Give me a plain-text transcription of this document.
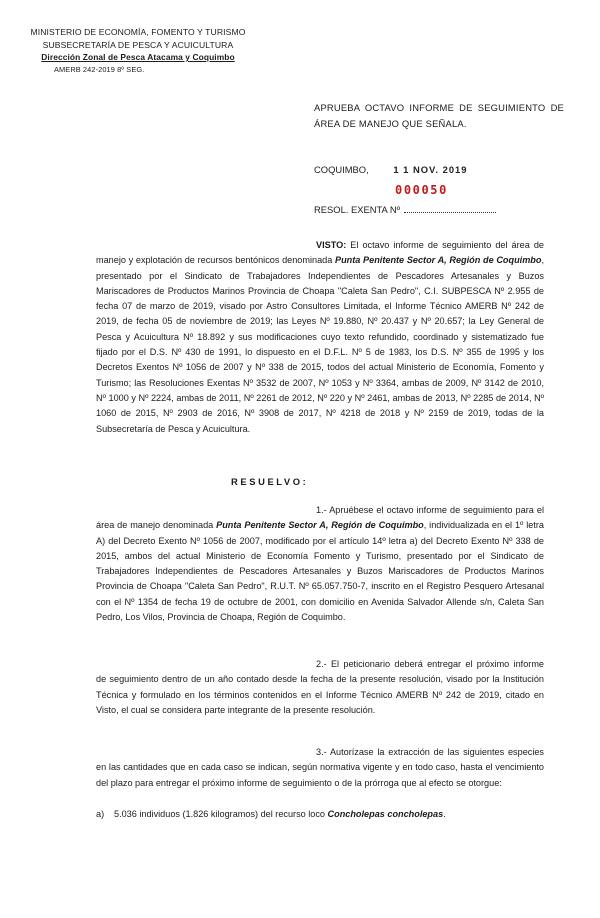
MINISTERIO DE ECONOMÍA, FOMENTO Y TURISMO
SUBSECRETARÍA DE PESCA Y ACUICULTURA
Dirección Zonal de Pesca Atacama y Coquimbo
AMERB 242-2019 8º SEG.
APRUEBA OCTAVO INFORME DE SEGUIMIENTO DE ÁREA DE MANEJO QUE SEÑALA.
COQUIMBO,	1 1 NOV. 2019
000050
RESOL. EXENTA Nº
VISTO: El octavo informe de seguimiento del área de manejo y explotación de recursos bentónicos denominada Punta Penitente Sector A, Región de Coquimbo, presentado por el Sindicato de Trabajadores Independientes de Pescadores Artesanales y Buzos Mariscadores de Productos Marinos Provincia de Choapa "Caleta San Pedro", C.I. SUBPESCA Nº 2.955 de fecha 07 de marzo de 2019, visado por Astro Consultores Limitada, el Informe Técnico AMERB Nº 242 de 2019, de fecha 05 de noviembre de 2019; las Leyes Nº 19.880, Nº 20.437 y Nº 20.657; la Ley General de Pesca y Acuicultura Nº 18.892 y sus modificaciones cuyo texto refundido, coordinado y sistematizado fue fijado por el D.S. Nº 430 de 1991, lo dispuesto en el D.F.L. Nº 5 de 1983, los D.S. Nº 355 de 1995 y los Decretos Exentos Nº 1056 de 2007 y Nº 338 de 2015, todos del actual Ministerio de Economía, Fomento y Turismo; las Resoluciones Exentas Nº 3532 de 2007, Nº 1053 y Nº 3364, ambas de 2009, Nº 3142 de 2010, Nº 1000 y Nº 2224, ambas de 2011, Nº 2261 de 2012, Nº 220 y Nº 2461, ambas de 2013, Nº 2285 de 2014, Nº 1060 de 2015, Nº 2903 de 2016, Nº 3908 de 2017, Nº 4218 de 2018 y Nº 2159 de 2019, todas de la Subsecretaría de Pesca y Acuicultura.
RESUELVO:
1.- Apruébese el octavo informe de seguimiento para el área de manejo denominada Punta Penitente Sector A, Región de Coquimbo, individualizada en el 1º letra A) del Decreto Exento Nº 1056 de 2007, modificado por el artículo 14º letra a) del Decreto Exento Nº 338 de 2015, ambos del actual Ministerio de Economía Fomento y Turismo, presentado por el Sindicato de Trabajadores Independientes de Pescadores Artesanales y Buzos Mariscadores de Productos Marinos Provincia de Choapa "Caleta San Pedro", R.U.T. Nº 65.057.750-7, inscrito en el Registro Pesquero Artesanal con el Nº 1354 de fecha 19 de octubre de 2001, con domicilio en Avenida Salvador Allende s/n, Caleta San Pedro, Los Vilos, Provincia de Choapa, Región de Coquimbo.
2.- El peticionario deberá entregar el próximo informe de seguimiento dentro de un año contado desde la fecha de la presente resolución, visado por la Institución Técnica y formulado en los términos contenidos en el Informe Técnico AMERB Nº 242 de 2019, citado en Visto, el cual se considera parte integrante de la presente resolución.
3.- Autorízase la extracción de las siguientes especies en las cantidades que en cada caso se indican, según normativa vigente y en todo caso, hasta el vencimiento del plazo para entregar el próximo informe de seguimiento o de la prórroga que al efecto se otorgue:
a) 5.036 individuos (1.826 kilogramos) del recurso loco Concholepas concholepas.
